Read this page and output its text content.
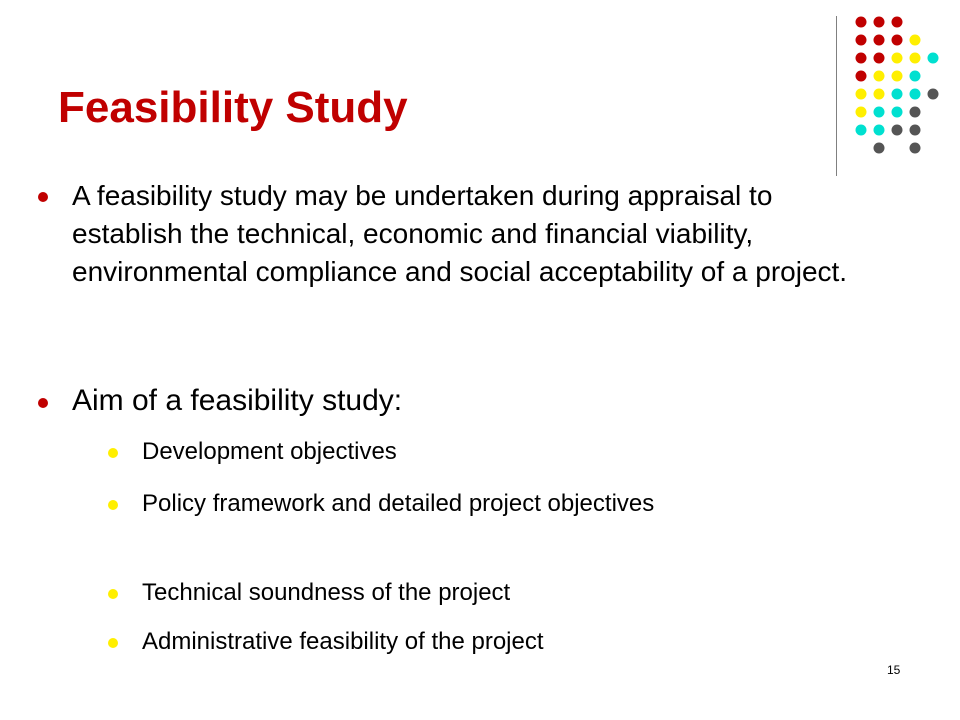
Feasibility Study
A feasibility study may be undertaken during appraisal to establish the technical, economic and financial viability, environmental compliance and social acceptability of a project.
Aim of a feasibility study:
Development objectives
Policy framework and detailed project objectives
Technical soundness of the project
Administrative feasibility of the project
15
